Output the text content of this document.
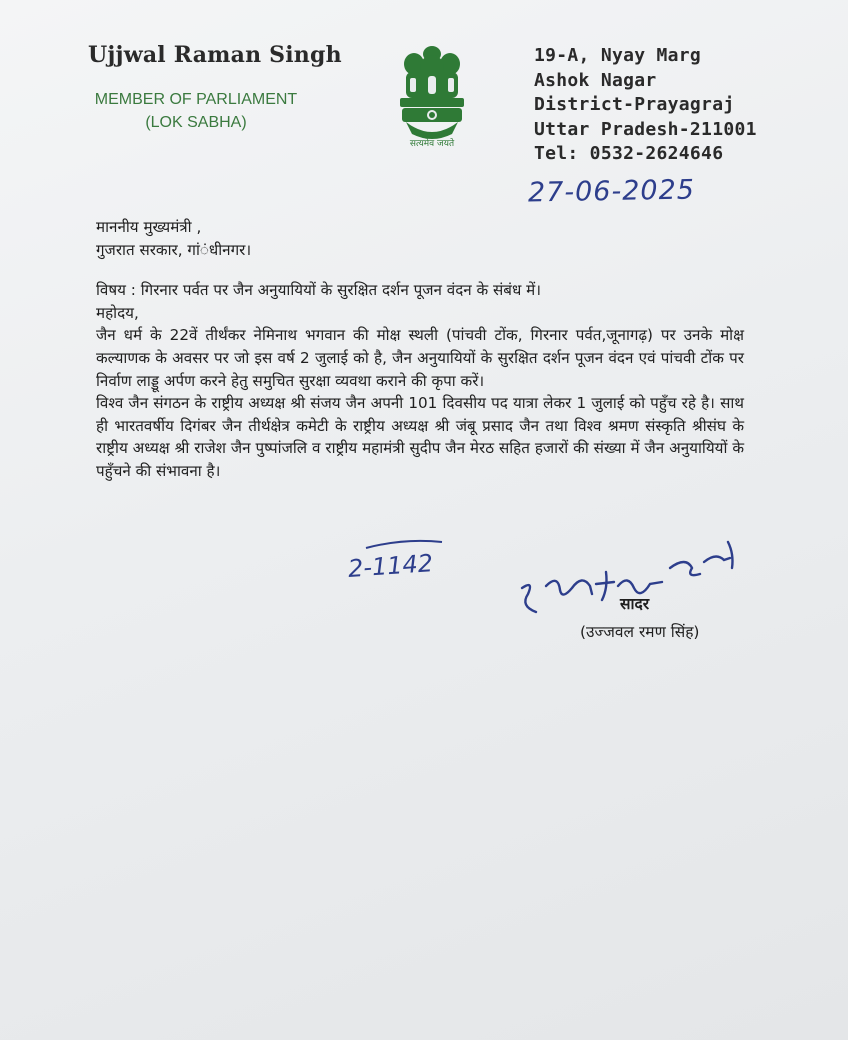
Ujjwal Raman Singh
MEMBER OF PARLIAMENT
(LOK SABHA)
सत्यमेव जयते
19-A, Nyay Marg
Ashok Nagar
District-Prayagraj
Uttar Pradesh-211001
Tel: 0532-2624646
27-06-2025

माननीय मुख्यमंत्री ,

गुजरात सरकार, गां◌ंधीनगर।

विषय : गिरनार पर्वत पर जैन अनुयायियों के सुरक्षित दर्शन पूजन वंदन के संबंध में।

महोदय,

जैन धर्म के 22वें तीर्थंकर नेमिनाथ भगवान की मोक्ष स्थली (पांचवी टोंक, गिरनार पर्वत,जूनागढ़) पर उनके मोक्ष कल्याणक के अवसर पर जो इस वर्ष 2 जुलाई को है, जैन अनुयायियों के सुरक्षित दर्शन पूजन वंदन एवं पांचवी टोंक पर निर्वाण लाड्डू अर्पण करने हेतु समुचित सुरक्षा व्यवथा कराने की कृपा करें।

विश्व जैन संगठन के राष्ट्रीय अध्यक्ष श्री संजय जैन अपनी 101 दिवसीय पद यात्रा लेकर 1 जुलाई को पहुँच रहे है। साथ ही भारतवर्षीय दिगंबर जैन तीर्थक्षेत्र कमेटी के राष्ट्रीय अध्यक्ष श्री जंबू प्रसाद जैन तथा विश्व श्रमण संस्कृति श्रीसंघ के राष्ट्रीय अध्यक्ष श्री राजेश जैन पुष्पांजलि व राष्ट्रीय महामंत्री सुदीप जैन मेरठ सहित हजारों की संख्या में जैन अनुयायियों के पहुँचने की संभावना है।

2-1142
सादर
(उज्जवल रमण सिंह)
